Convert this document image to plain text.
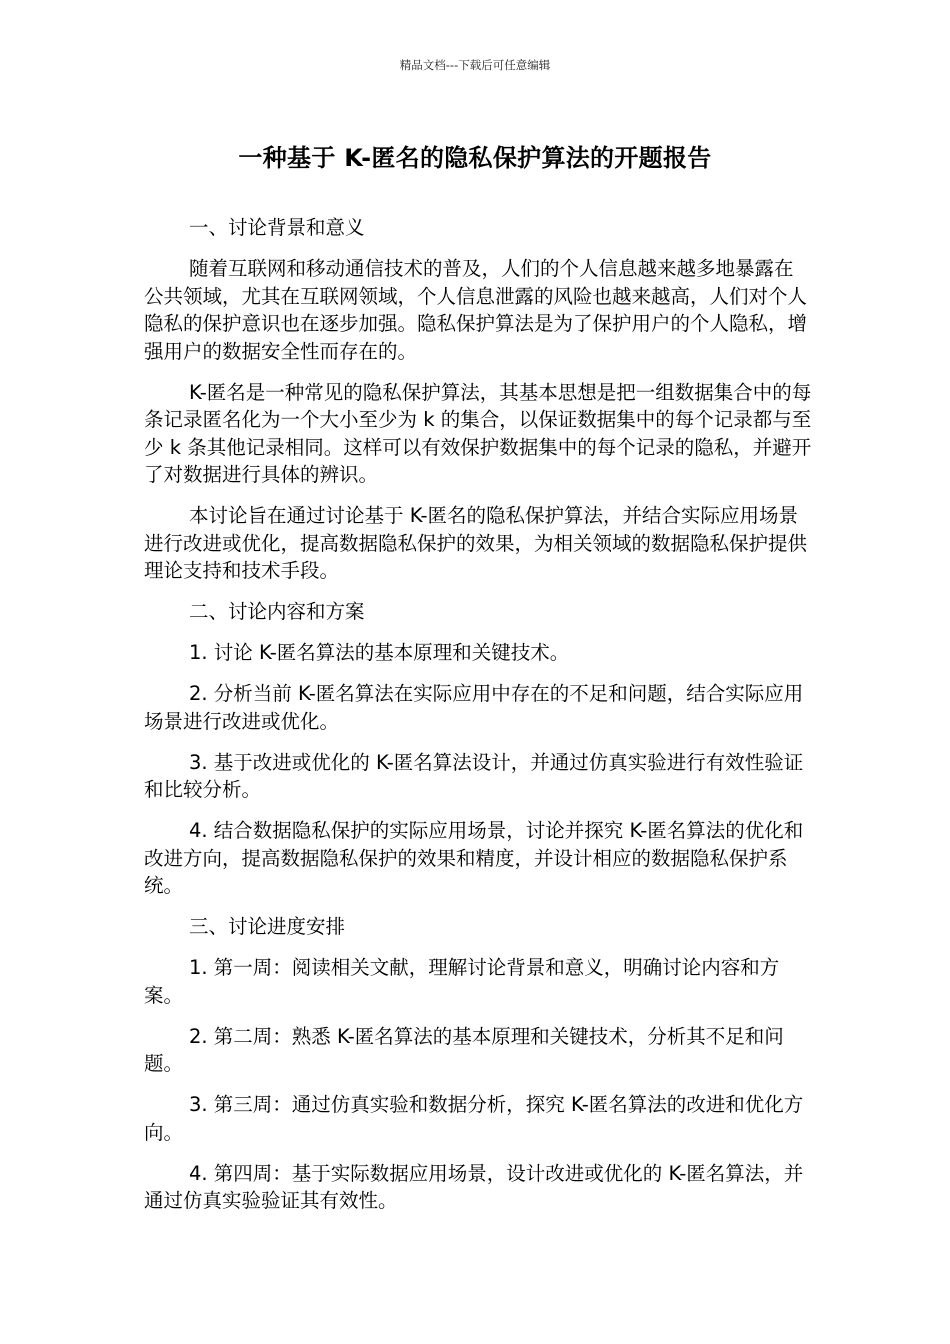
精品文档---下载后可任意编辑
一种基于 K-匿名的隐私保护算法的开题报告

一、讨论背景和意义

随着互联网和移动通信技术的普及，人们的个人信息越来越多地暴露在公共领域，尤其在互联网领域，个人信息泄露的风险也越来越高，人们对个人隐私的保护意识也在逐步加强。隐私保护算法是为了保护用户的个人隐私，增强用户的数据安全性而存在的。

K-匿名是一种常见的隐私保护算法，其基本思想是把一组数据集合中的每条记录匿名化为一个大小至少为 k 的集合，以保证数据集中的每个记录都与至少 k 条其他记录相同。这样可以有效保护数据集中的每个记录的隐私，并避开了对数据进行具体的辨识。

本讨论旨在通过讨论基于 K-匿名的隐私保护算法，并结合实际应用场景进行改进或优化，提高数据隐私保护的效果，为相关领域的数据隐私保护提供理论支持和技术手段。

二、讨论内容和方案

1. 讨论 K-匿名算法的基本原理和关键技术。

2. 分析当前 K-匿名算法在实际应用中存在的不足和问题，结合实际应用场景进行改进或优化。

3. 基于改进或优化的 K-匿名算法设计，并通过仿真实验进行有效性验证和比较分析。

4. 结合数据隐私保护的实际应用场景，讨论并探究 K-匿名算法的优化和改进方向，提高数据隐私保护的效果和精度，并设计相应的数据隐私保护系统。

三、讨论进度安排

1. 第一周：阅读相关文献，理解讨论背景和意义，明确讨论内容和方案。

2. 第二周：熟悉 K-匿名算法的基本原理和关键技术，分析其不足和问题。

3. 第三周：通过仿真实验和数据分析，探究 K-匿名算法的改进和优化方向。

4. 第四周：基于实际数据应用场景，设计改进或优化的 K-匿名算法，并通过仿真实验验证其有效性。
